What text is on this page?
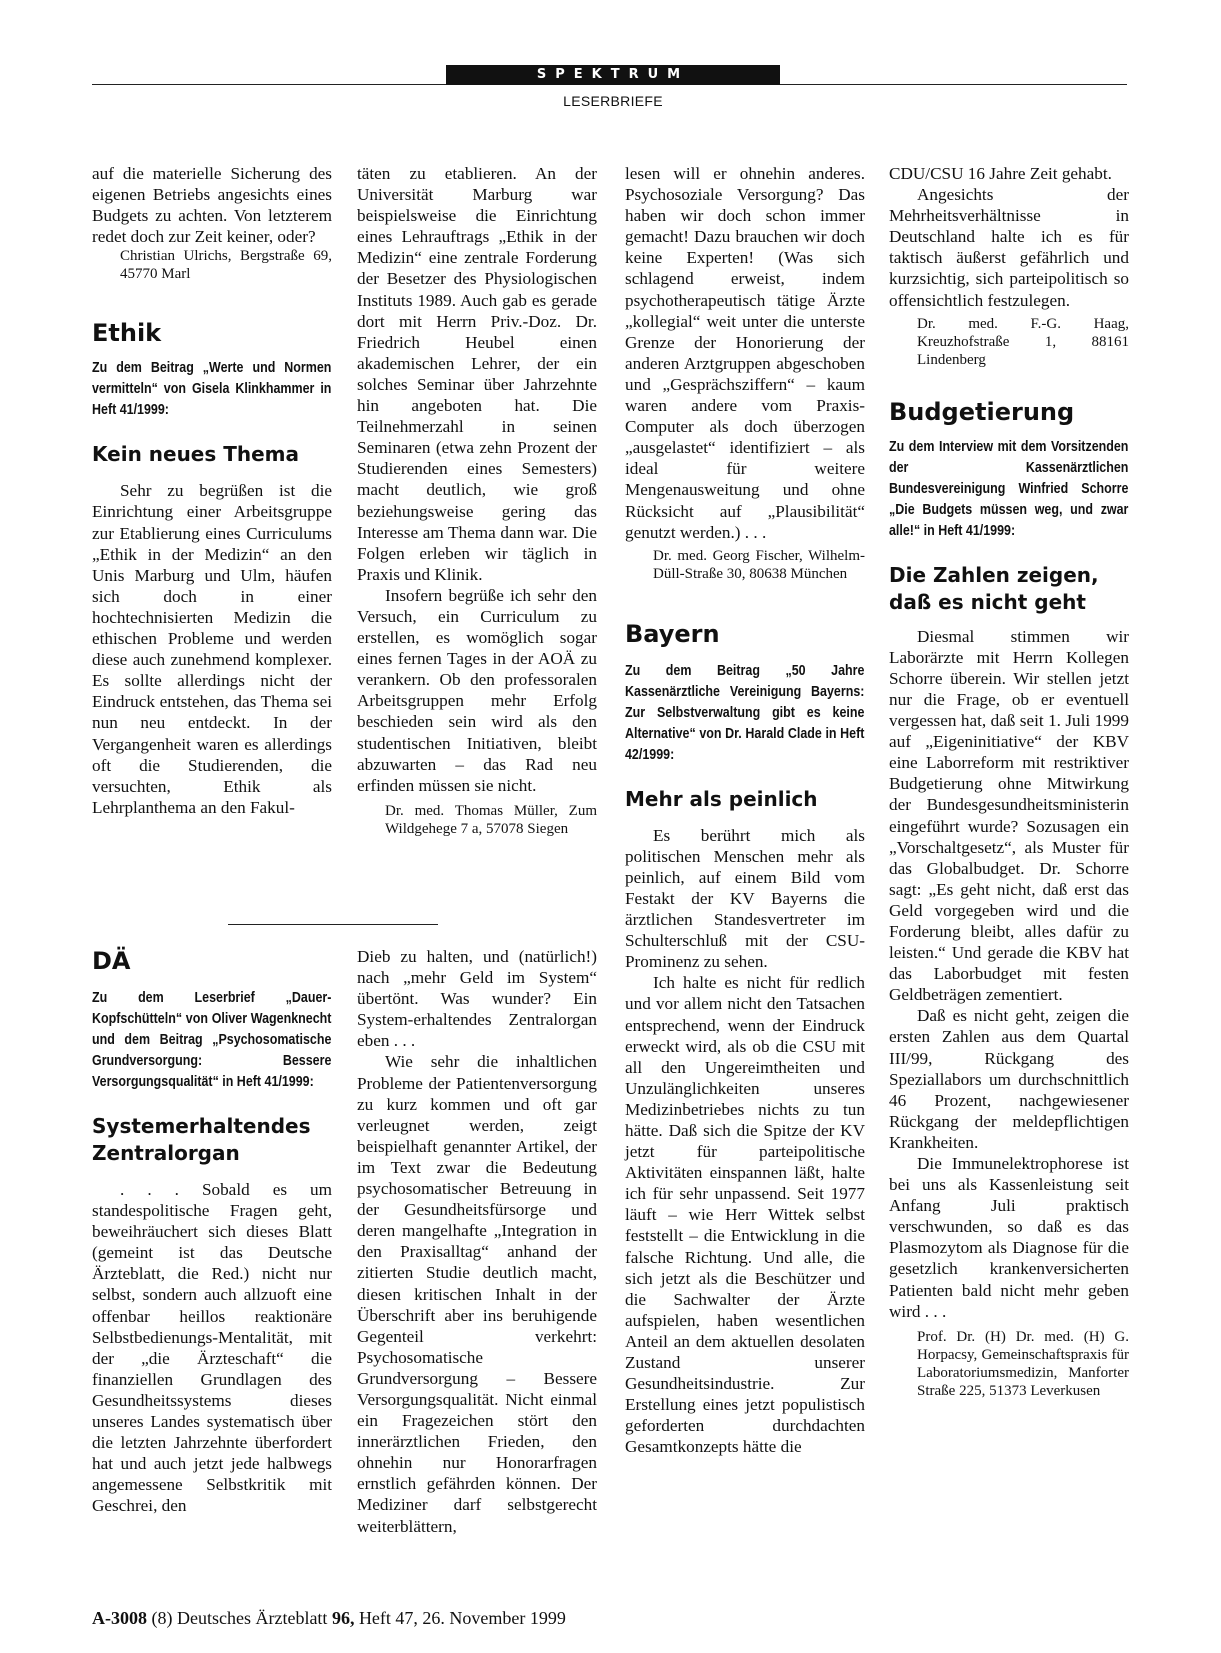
SPEKTRUM
LESERBRIEFE

auf die materielle Sicherung des eigenen Betriebs angesichts eines Budgets zu achten. Von letzterem redet doch zur Zeit keiner, oder?

Christian Ulrichs, Bergstraße 69, 45770 Marl

Ethik

Zu dem Beitrag „Werte und Normen vermitteln“ von Gisela Klinkhammer in Heft 41/1999:

Kein neues Thema

Sehr zu begrüßen ist die Einrichtung einer Arbeitsgruppe zur Etablierung eines Curriculums „Ethik in der Medizin“ an den Unis Marburg und Ulm, häufen sich doch in einer hochtechnisierten Medizin die ethischen Probleme und werden diese auch zunehmend komplexer. Es sollte allerdings nicht der Eindruck entstehen, das Thema sei nun neu entdeckt. In der Vergangenheit waren es allerdings oft die Studierenden, die versuchten, Ethik als Lehrplanthema an den Fakul-

täten zu etablieren. An der Universität Marburg war beispielsweise die Einrichtung eines Lehrauftrags „Ethik in der Medizin“ eine zentrale Forderung der Besetzer des Physiologischen Instituts 1989. Auch gab es gerade dort mit Herrn Priv.-Doz. Dr. Friedrich Heubel einen akademischen Lehrer, der ein solches Seminar über Jahrzehnte hin angeboten hat. Die Teilnehmerzahl in seinen Seminaren (etwa zehn Prozent der Studierenden eines Semesters) macht deutlich, wie groß beziehungsweise gering das Interesse am Thema dann war. Die Folgen erleben wir täglich in Praxis und Klinik.

Insofern begrüße ich sehr den Versuch, ein Curriculum zu erstellen, es womöglich sogar eines fernen Tages in der AOÄ zu verankern. Ob den professoralen Arbeitsgruppen mehr Erfolg beschieden sein wird als den studentischen Initiativen, bleibt abzuwarten – das Rad neu erfinden müssen sie nicht.

Dr. med. Thomas Müller, Zum Wildgehege 7 a, 57078 Siegen

DÄ

Zu dem Leserbrief „Dauer-Kopfschütteln“ von Oliver Wagenknecht und dem Beitrag „Psychosomatische Grundversorgung: Bessere Versorgungsqualität“ in Heft 41/1999:

Systemerhaltendes Zentralorgan

. . . Sobald es um standespolitische Fragen geht, beweihräuchert sich dieses Blatt (gemeint ist das Deutsche Ärzteblatt, die Red.) nicht nur selbst, sondern auch allzuoft eine offenbar heillos reaktionäre Selbstbedienungs-Mentalität, mit der „die Ärzteschaft“ die finanziellen Grundlagen des Gesundheitssystems dieses unseres Landes systematisch über die letzten Jahrzehnte überfordert hat und auch jetzt jede halbwegs angemessene Selbstkritik mit Geschrei, den

Dieb zu halten, und (natürlich!) nach „mehr Geld im System“ übertönt. Was wunder? Ein System-erhaltendes Zentralorgan eben . . .

Wie sehr die inhaltlichen Probleme der Patientenversorgung zu kurz kommen und oft gar verleugnet werden, zeigt beispielhaft genannter Artikel, der im Text zwar die Bedeutung psychosomatischer Betreuung in der Gesundheitsfürsorge und deren mangelhafte „Integration in den Praxisalltag“ anhand der zitierten Studie deutlich macht, diesen kritischen Inhalt in der Überschrift aber ins beruhigende Gegenteil verkehrt: Psychosomatische Grundversorgung – Bessere Versorgungsqualität. Nicht einmal ein Fragezeichen stört den innerärztlichen Frieden, den ohnehin nur Honorarfragen ernstlich gefährden können. Der Mediziner darf selbstgerecht weiterblättern,

lesen will er ohnehin anderes. Psychosoziale Versorgung? Das haben wir doch schon immer gemacht! Dazu brauchen wir doch keine Experten! (Was sich schlagend erweist, indem psychotherapeutisch tätige Ärzte „kollegial“ weit unter die unterste Grenze der Honorierung der anderen Arztgruppen abgeschoben und „Gesprächsziffern“ – kaum waren andere vom Praxis-Computer als doch überzogen „ausgelastet“ identifiziert – als ideal für weitere Mengenausweitung und ohne Rücksicht auf „Plausibilität“ genutzt werden.) . . .

Dr. med. Georg Fischer, Wilhelm-Düll-Straße 30, 80638 München

Bayern

Zu dem Beitrag „50 Jahre Kassenärztliche Vereinigung Bayerns: Zur Selbstverwaltung gibt es keine Alternative“ von Dr. Harald Clade in Heft 42/1999:

Mehr als peinlich

Es berührt mich als politischen Menschen mehr als peinlich, auf einem Bild vom Festakt der KV Bayerns die ärztlichen Standesvertreter im Schulterschluß mit der CSU-Prominenz zu sehen.

Ich halte es nicht für redlich und vor allem nicht den Tatsachen entsprechend, wenn der Eindruck erweckt wird, als ob die CSU mit all den Ungereimtheiten und Unzulänglichkeiten unseres Medizinbetriebes nichts zu tun hätte. Daß sich die Spitze der KV jetzt für parteipolitische Aktivitäten einspannen läßt, halte ich für sehr unpassend. Seit 1977 läuft – wie Herr Wittek selbst feststellt – die Entwicklung in die falsche Richtung. Und alle, die sich jetzt als die Beschützer und die Sachwalter der Ärzte aufspielen, haben wesentlichen Anteil an dem aktuellen desolaten Zustand unserer Gesundheitsindustrie. Zur Erstellung eines jetzt populistisch geforderten durchdachten Gesamtkonzepts hätte die

CDU/CSU 16 Jahre Zeit gehabt.

Angesichts der Mehrheitsverhältnisse in Deutschland halte ich es für taktisch äußerst gefährlich und kurzsichtig, sich parteipolitisch so offensichtlich festzulegen.

Dr. med. F.-G. Haag, Kreuzhofstraße 1, 88161 Lindenberg

Budgetierung

Zu dem Interview mit dem Vorsitzenden der Kassenärztlichen Bundesvereinigung Winfried Schorre „Die Budgets müssen weg, und zwar alle!“ in Heft 41/1999:

Die Zahlen zeigen, daß es nicht geht

Diesmal stimmen wir Laborärzte mit Herrn Kollegen Schorre überein. Wir stellen jetzt nur die Frage, ob er eventuell vergessen hat, daß seit 1. Juli 1999 auf „Eigeninitiative“ der KBV eine Laborreform mit restriktiver Budgetierung ohne Mitwirkung der Bundesgesundheitsministerin eingeführt wurde? Sozusagen ein „Vorschaltgesetz“, als Muster für das Globalbudget. Dr. Schorre sagt: „Es geht nicht, daß erst das Geld vorgegeben wird und die Forderung bleibt, alles dafür zu leisten.“ Und gerade die KBV hat das Laborbudget mit festen Geldbeträgen zementiert.

Daß es nicht geht, zeigen die ersten Zahlen aus dem Quartal III/99, Rückgang des Speziallabors um durchschnittlich 46 Prozent, nachgewiesener Rückgang der meldepflichtigen Krankheiten.

Die Immunelektrophorese ist bei uns als Kassenleistung seit Anfang Juli praktisch verschwunden, so daß es das Plasmozytom als Diagnose für die gesetzlich krankenversicherten Patienten bald nicht mehr geben wird . . .

Prof. Dr. (H) Dr. med. (H) G. Horpacsy, Gemeinschaftspraxis für Laboratoriumsmedizin, Manforter Straße 225, 51373 Leverkusen

A-3008 (8) Deutsches Ärzteblatt 96, Heft 47, 26. November 1999
